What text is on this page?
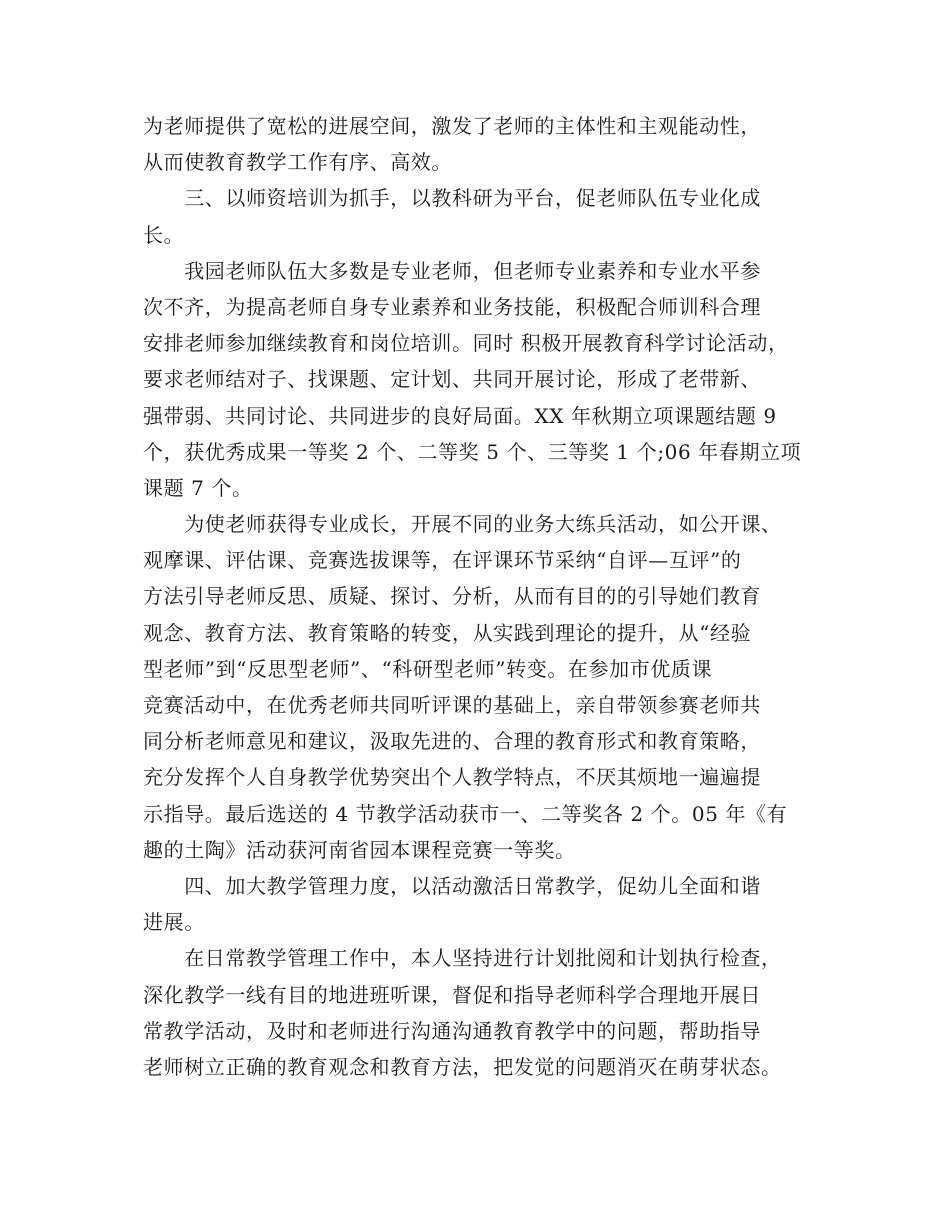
为老师提供了宽松的进展空间，激发了老师的主体性和主观能动性，
从而使教育教学工作有序、高效。
　　三、以师资培训为抓手，以教科研为平台，促老师队伍专业化成
长。
　　我园老师队伍大多数是专业老师，但老师专业素养和专业水平参
次不齐，为提高老师自身专业素养和业务技能，积极配合师训科合理
安排老师参加继续教育和岗位培训。同时 积极开展教育科学讨论活动，
要求老师结对子、找课题、定计划、共同开展讨论，形成了老带新、
强带弱、共同讨论、共同进步的良好局面。XX 年秋期立项课题结题 9
个，获优秀成果一等奖 2 个、二等奖 5 个、三等奖 1 个;06 年春期立项
课题 7 个。
　　为使老师获得专业成长，开展不同的业务大练兵活动，如公开课、
观摩课、评估课、竞赛选拔课等，在评课环节采纳“自评—互评”的
方法引导老师反思、质疑、探讨、分析，从而有目的的引导她们教育
观念、教育方法、教育策略的转变，从实践到理论的提升，从“经验
型老师”到“反思型老师”、“科研型老师”转变。在参加市优质课
竞赛活动中，在优秀老师共同听评课的基础上，亲自带领参赛老师共
同分析老师意见和建议，汲取先进的、合理的教育形式和教育策略，
充分发挥个人自身教学优势突出个人教学特点，不厌其烦地一遍遍提
示指导。最后选送的 4 节教学活动获市一、二等奖各 2 个。05 年《有
趣的土陶》活动获河南省园本课程竞赛一等奖。
　　四、加大教学管理力度，以活动激活日常教学，促幼儿全面和谐
进展。
　　在日常教学管理工作中，本人坚持进行计划批阅和计划执行检查，
深化教学一线有目的地进班听课，督促和指导老师科学合理地开展日
常教学活动，及时和老师进行沟通沟通教育教学中的问题，帮助指导
老师树立正确的教育观念和教育方法，把发觉的问题消灭在萌芽状态。
